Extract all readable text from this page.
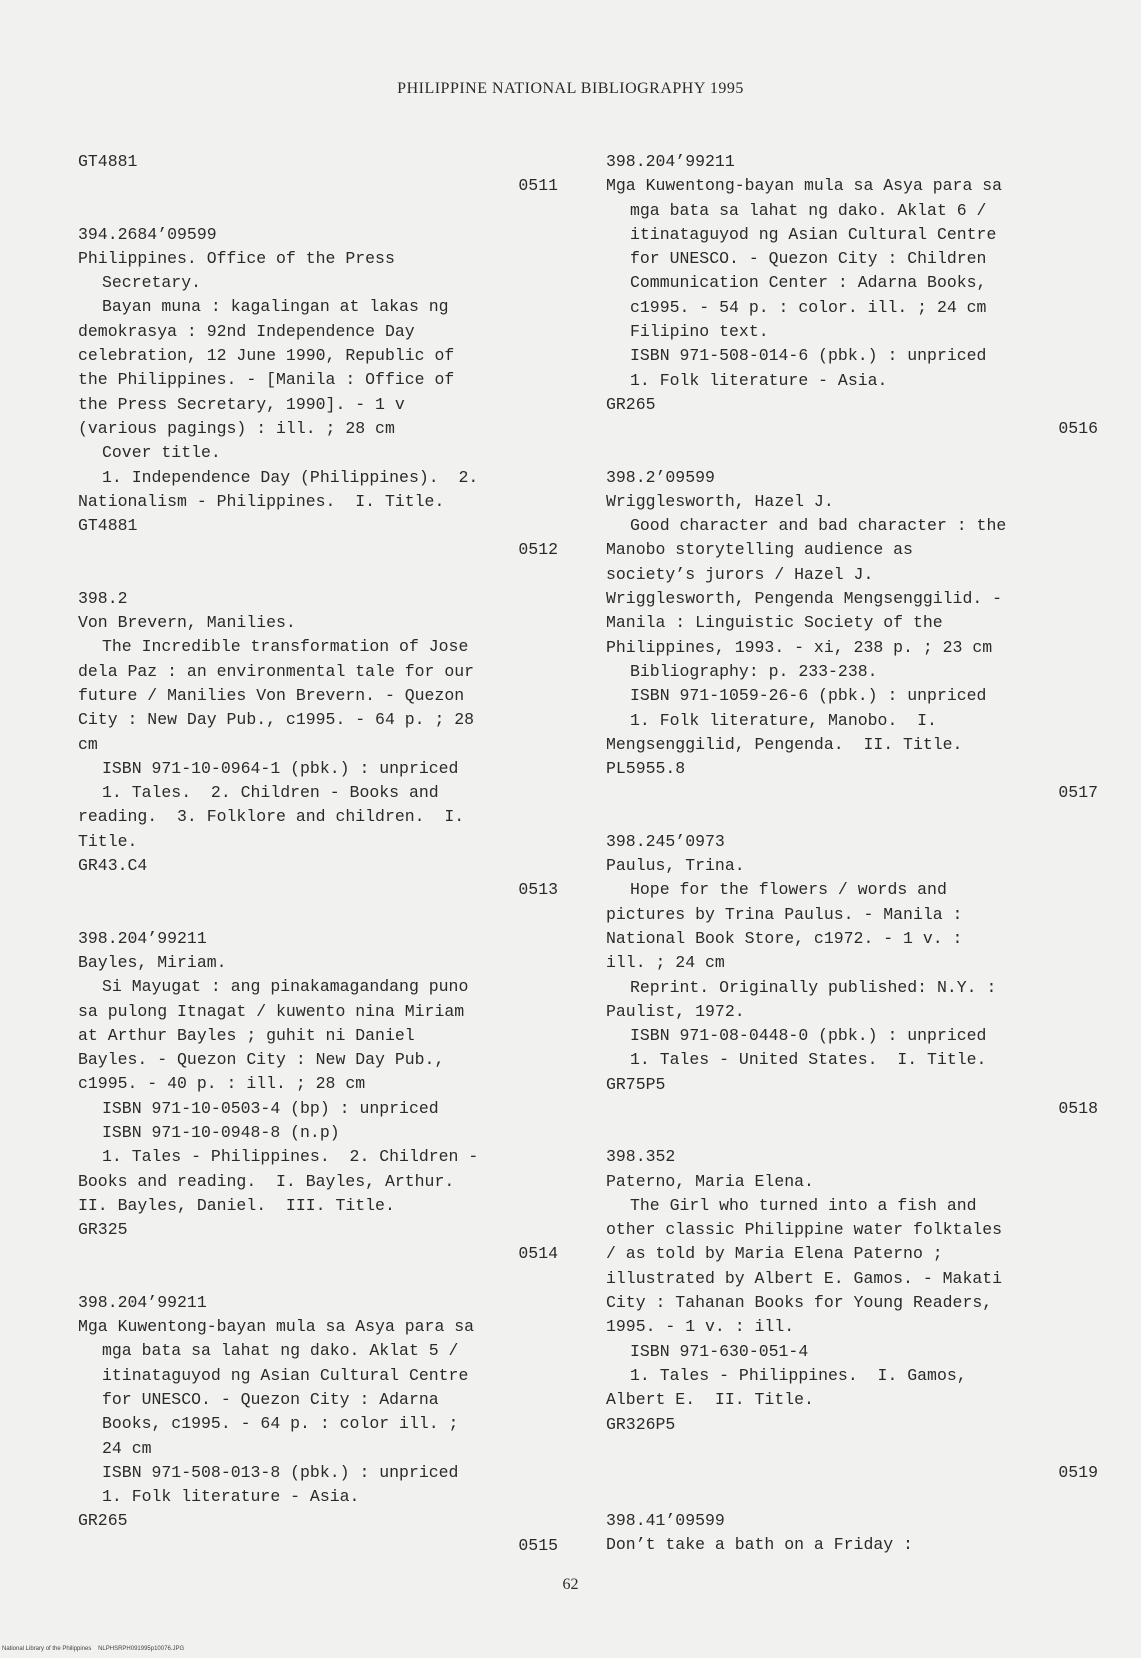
PHILIPPINE NATIONAL BIBLIOGRAPHY 1995
GT4881
0511
394.2684’09599
Philippines. Office of the Press
Secretary.
Bayan muna : kagalingan at lakas ng
demokrasya : 92nd Independence Day
celebration, 12 June 1990, Republic of
the Philippines. - [Manila : Office of
the Press Secretary, 1990]. - 1 v
(various pagings) : ill. ; 28 cm
Cover title.
1. Independence Day (Philippines).  2.
Nationalism - Philippines.  I. Title.
GT4881
0512
398.2
Von Brevern, Manilies.
The Incredible transformation of Jose
dela Paz : an environmental tale for our
future / Manilies Von Brevern. - Quezon
City : New Day Pub., c1995. - 64 p. ; 28
cm
ISBN 971-10-0964-1 (pbk.) : unpriced
1. Tales.  2. Children - Books and
reading.  3. Folklore and children.  I.
Title.
GR43.C4
0513
398.204’99211
Bayles, Miriam.
Si Mayugat : ang pinakamagandang puno
sa pulong Itnagat / kuwento nina Miriam
at Arthur Bayles ; guhit ni Daniel
Bayles. - Quezon City : New Day Pub.,
c1995. - 40 p. : ill. ; 28 cm
ISBN 971-10-0503-4 (bp) : unpriced
ISBN 971-10-0948-8 (n.p)
1. Tales - Philippines.  2. Children -
Books and reading.  I. Bayles, Arthur.
II. Bayles, Daniel.  III. Title.
GR325
0514
398.204’99211
Mga Kuwentong-bayan mula sa Asya para sa
mga bata sa lahat ng dako. Aklat 5 /
itinataguyod ng Asian Cultural Centre
for UNESCO. - Quezon City : Adarna
Books, c1995. - 64 p. : color ill. ;
24 cm
ISBN 971-508-013-8 (pbk.) : unpriced
1. Folk literature - Asia.
GR265
0515
398.204’99211
Mga Kuwentong-bayan mula sa Asya para sa
mga bata sa lahat ng dako. Aklat 6 /
itinataguyod ng Asian Cultural Centre
for UNESCO. - Quezon City : Children
Communication Center : Adarna Books,
c1995. - 54 p. : color. ill. ; 24 cm
Filipino text.
ISBN 971-508-014-6 (pbk.) : unpriced
1. Folk literature - Asia.
GR265
0516
398.2’09599
Wrigglesworth, Hazel J.
Good character and bad character : the
Manobo storytelling audience as
society’s jurors / Hazel J.
Wrigglesworth, Pengenda Mengsenggilid. -
Manila : Linguistic Society of the
Philippines, 1993. - xi, 238 p. ; 23 cm
Bibliography: p. 233-238.
ISBN 971-1059-26-6 (pbk.) : unpriced
1. Folk literature, Manobo.  I.
Mengsenggilid, Pengenda.  II. Title.
PL5955.8
0517
398.245’0973
Paulus, Trina.
Hope for the flowers / words and
pictures by Trina Paulus. - Manila :
National Book Store, c1972. - 1 v. :
ill. ; 24 cm
Reprint. Originally published: N.Y. :
Paulist, 1972.
ISBN 971-08-0448-0 (pbk.) : unpriced
1. Tales - United States.  I. Title.
GR75P5
0518
398.352
Paterno, Maria Elena.
The Girl who turned into a fish and
other classic Philippine water folktales
/ as told by Maria Elena Paterno ;
illustrated by Albert E. Gamos. - Makati
City : Tahanan Books for Young Readers,
1995. - 1 v. : ill.
ISBN 971-630-051-4
1. Tales - Philippines.  I. Gamos,
Albert E.  II. Title.
GR326P5
0519
398.41’09599
Don’t take a bath on a Friday :
62
National Library of the Philippines NLPHSRPH091995p10076.JPG
